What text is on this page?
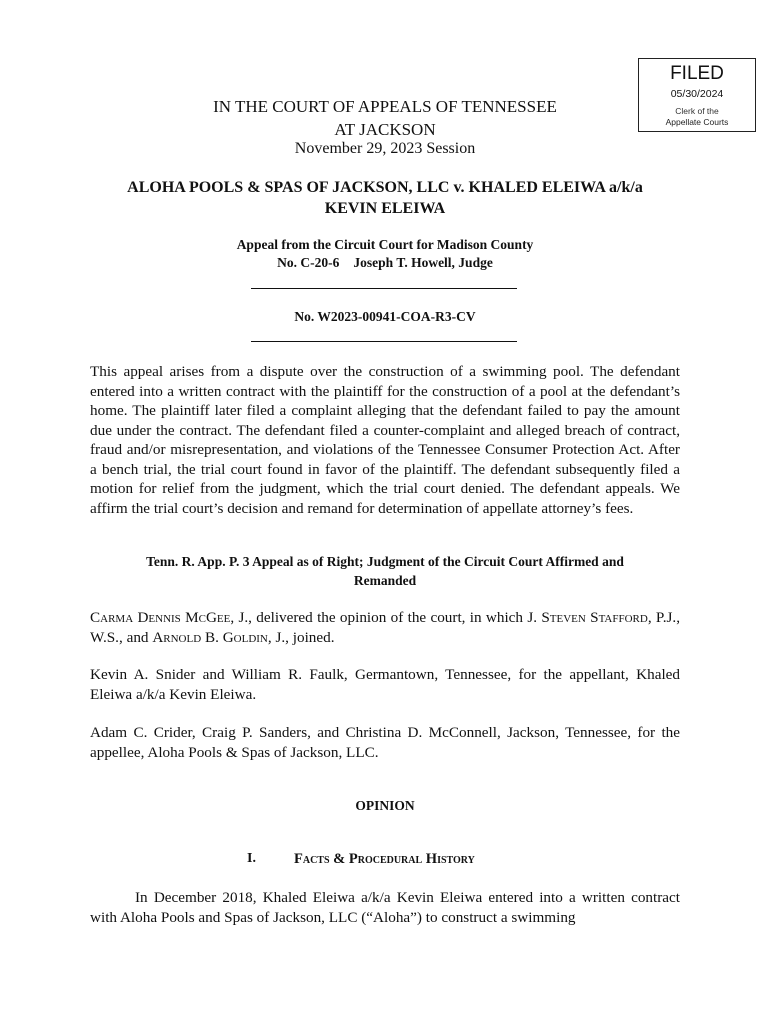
FILED
05/30/2024
Clerk of the
Appellate Courts
IN THE COURT OF APPEALS OF TENNESSEE
AT JACKSON
November 29, 2023 Session
ALOHA POOLS & SPAS OF JACKSON, LLC v. KHALED ELEIWA a/k/a
KEVIN ELEIWA
Appeal from the Circuit Court for Madison County
No. C-20-6 Joseph T. Howell, Judge
No. W2023-00941-COA-R3-CV
This appeal arises from a dispute over the construction of a swimming pool. The defendant entered into a written contract with the plaintiff for the construction of a pool at the defendant’s home. The plaintiff later filed a complaint alleging that the defendant failed to pay the amount due under the contract. The defendant filed a counter-complaint and alleged breach of contract, fraud and/or misrepresentation, and violations of the Tennessee Consumer Protection Act. After a bench trial, the trial court found in favor of the plaintiff. The defendant subsequently filed a motion for relief from the judgment, which the trial court denied. The defendant appeals. We affirm the trial court’s decision and remand for determination of appellate attorney’s fees.
Tenn. R. App. P. 3 Appeal as of Right; Judgment of the Circuit Court Affirmed and
Remanded
Carma Dennis McGee, J., delivered the opinion of the court, in which J. Steven Stafford, P.J., W.S., and Arnold B. Goldin, J., joined.
Kevin A. Snider and William R. Faulk, Germantown, Tennessee, for the appellant, Khaled Eleiwa a/k/a Kevin Eleiwa.
Adam C. Crider, Craig P. Sanders, and Christina D. McConnell, Jackson, Tennessee, for the appellee, Aloha Pools & Spas of Jackson, LLC.
OPINION
I.	Facts & Procedural History
In December 2018, Khaled Eleiwa a/k/a Kevin Eleiwa entered into a written contract with Aloha Pools and Spas of Jackson, LLC (“Aloha”) to construct a swimming
